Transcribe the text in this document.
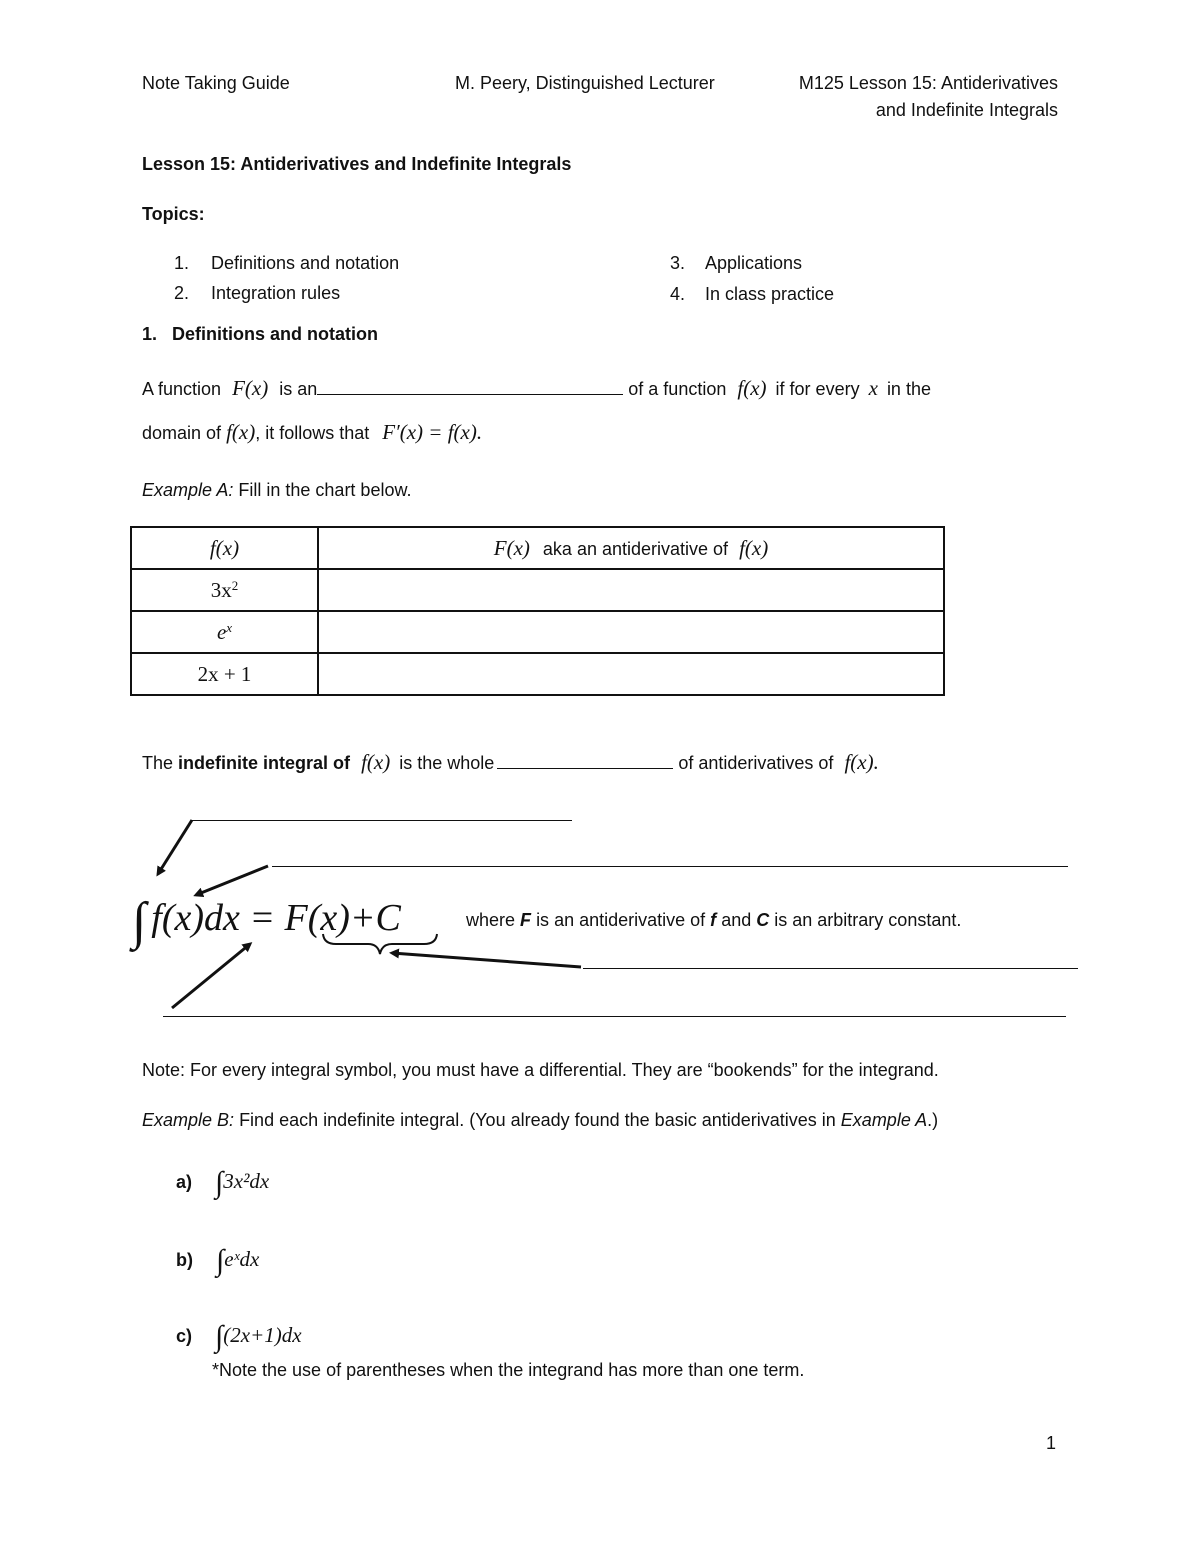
Note Taking Guide	M. Peery, Distinguished Lecturer	M125 Lesson 15: Antiderivatives
and Indefinite Integrals
Lesson 15: Antiderivatives and Indefinite Integrals
Topics:
1. Definitions and notation
2. Integration rules
3. Applications
4. In class practice
1.   Definitions and notation
A function F(x) is an	of a function f(x) if for every x in the
domain of f(x), it follows that F′(x) = f(x).
Example A: Fill in the chart below.
f(x)	F(x) aka an antiderivative of f(x)
$3x^2$	
$e^x$	
2x + 1	
The indefinite integral of f(x) is the whole	of antiderivatives of f(x).
∫ f(x)dx = F(x)+C	where F is an antiderivative of f and C is an arbitrary constant.
Note: For every integral symbol, you must have a differential. They are “bookends” for the integrand.
Example B: Find each indefinite integral. (You already found the basic antiderivatives in Example A.)
a) ∫3x²dx
b) ∫eˣdx
c) ∫(2x+1)dx
*Note the use of parentheses when the integrand has more than one term.
1
